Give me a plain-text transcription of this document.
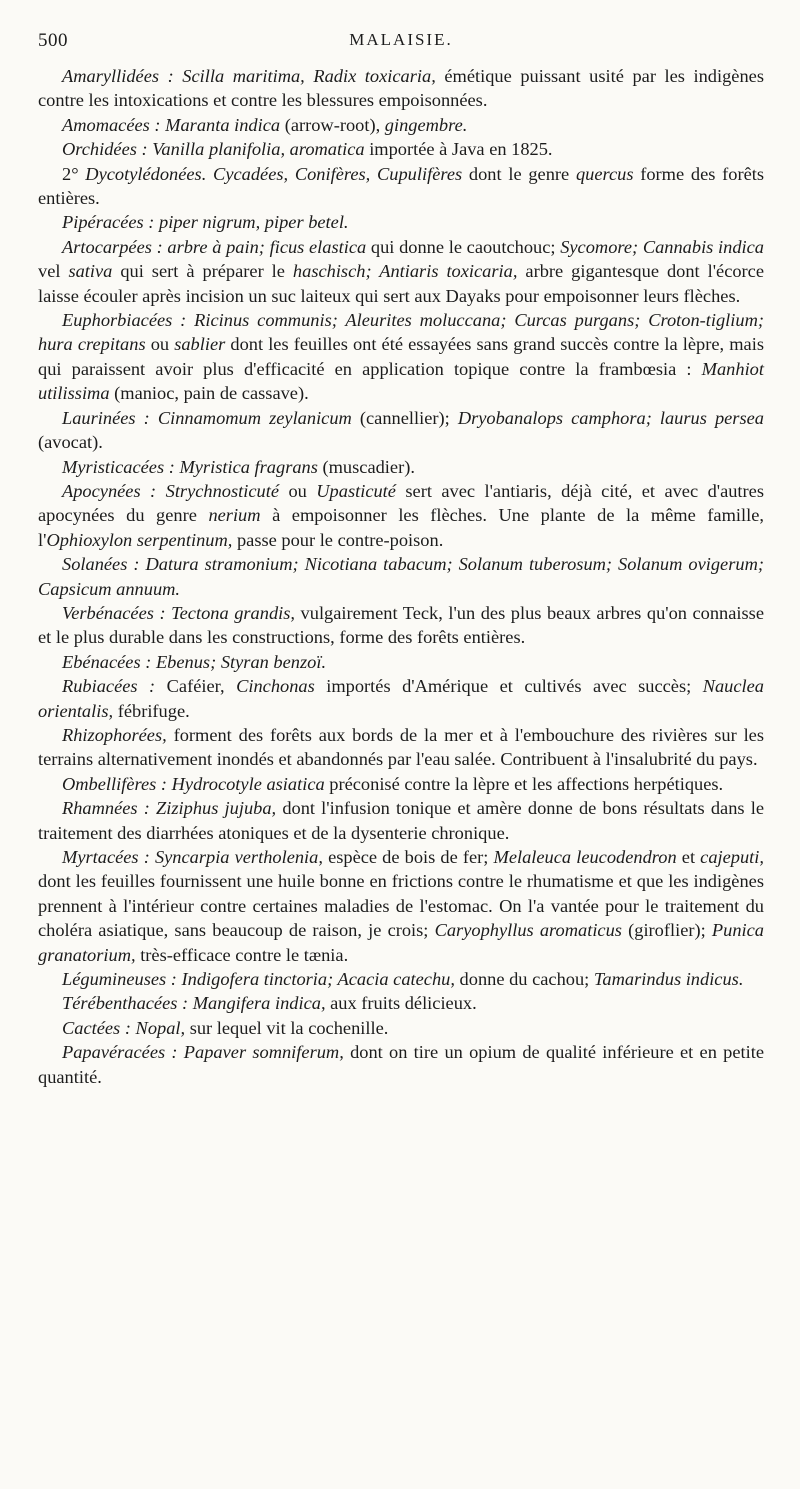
500	MALAISIE.

Amaryllidées : Scilla maritima, Radix toxicaria, émétique puissant usité par les indigènes contre les intoxications et contre les blessures empoisonnées.

Amomacées : Maranta indica (arrow-root), gingembre.

Orchidées : Vanilla planifolia, aromatica importée à Java en 1825.

2° Dycotylédonées. Cycadées, Conifères, Cupulifères dont le genre quercus forme des forêts entières.

Pipéracées : piper nigrum, piper betel.

Artocarpées : arbre à pain; ficus elastica qui donne le caoutchouc; Sycomore; Cannabis indica vel sativa qui sert à préparer le haschisch; Antiaris toxicaria, arbre gigantesque dont l'écorce laisse écouler après incision un suc laiteux qui sert aux Dayaks pour empoisonner leurs flèches.

Euphorbiacées : Ricinus communis; Aleurites moluccana; Curcas purgans; Croton-tiglium; hura crepitans ou sablier dont les feuilles ont été essayées sans grand succès contre la lèpre, mais qui paraissent avoir plus d'efficacité en application topique contre la frambœsia : Manhiot utilissima (manioc, pain de cassave).

Laurinées : Cinnamomum zeylanicum (cannellier); Dryobanalops camphora; laurus persea (avocat).

Myristicacées : Myristica fragrans (muscadier).

Apocynées : Strychnosticuté ou Upasticuté sert avec l'antiaris, déjà cité, et avec d'autres apocynées du genre nerium à empoisonner les flèches. Une plante de la même famille, l'Ophioxylon serpentinum, passe pour le contre-poison.

Solanées : Datura stramonium; Nicotiana tabacum; Solanum tuberosum; Solanum ovigerum; Capsicum annuum.

Verbénacées : Tectona grandis, vulgairement Teck, l'un des plus beaux arbres qu'on connaisse et le plus durable dans les constructions, forme des forêts entières.

Ebénacées : Ebenus; Styran benzoï.

Rubiacées : Caféier, Cinchonas importés d'Amérique et cultivés avec succès; Nauclea orientalis, fébrifuge.

Rhizophorées, forment des forêts aux bords de la mer et à l'embouchure des rivières sur les terrains alternativement inondés et abandonnés par l'eau salée. Contribuent à l'insalubrité du pays.

Ombellifères : Hydrocotyle asiatica préconisé contre la lèpre et les affections herpétiques.

Rhamnées : Ziziphus jujuba, dont l'infusion tonique et amère donne de bons résultats dans le traitement des diarrhées atoniques et de la dysenterie chronique.

Myrtacées : Syncarpia vertholenia, espèce de bois de fer; Melaleuca leucodendron et cajeputi, dont les feuilles fournissent une huile bonne en frictions contre le rhumatisme et que les indigènes prennent à l'intérieur contre certaines maladies de l'estomac. On l'a vantée pour le traitement du choléra asiatique, sans beaucoup de raison, je crois; Caryophyllus aromaticus (giroflier); Punica granatorium, très-efficace contre le tænia.

Légumineuses : Indigofera tinctoria; Acacia catechu, donne du cachou; Tamarindus indicus.

Térébenthacées : Mangifera indica, aux fruits délicieux.

Cactées : Nopal, sur lequel vit la cochenille.

Papavéracées : Papaver somniferum, dont on tire un opium de qualité inférieure et en petite quantité.
